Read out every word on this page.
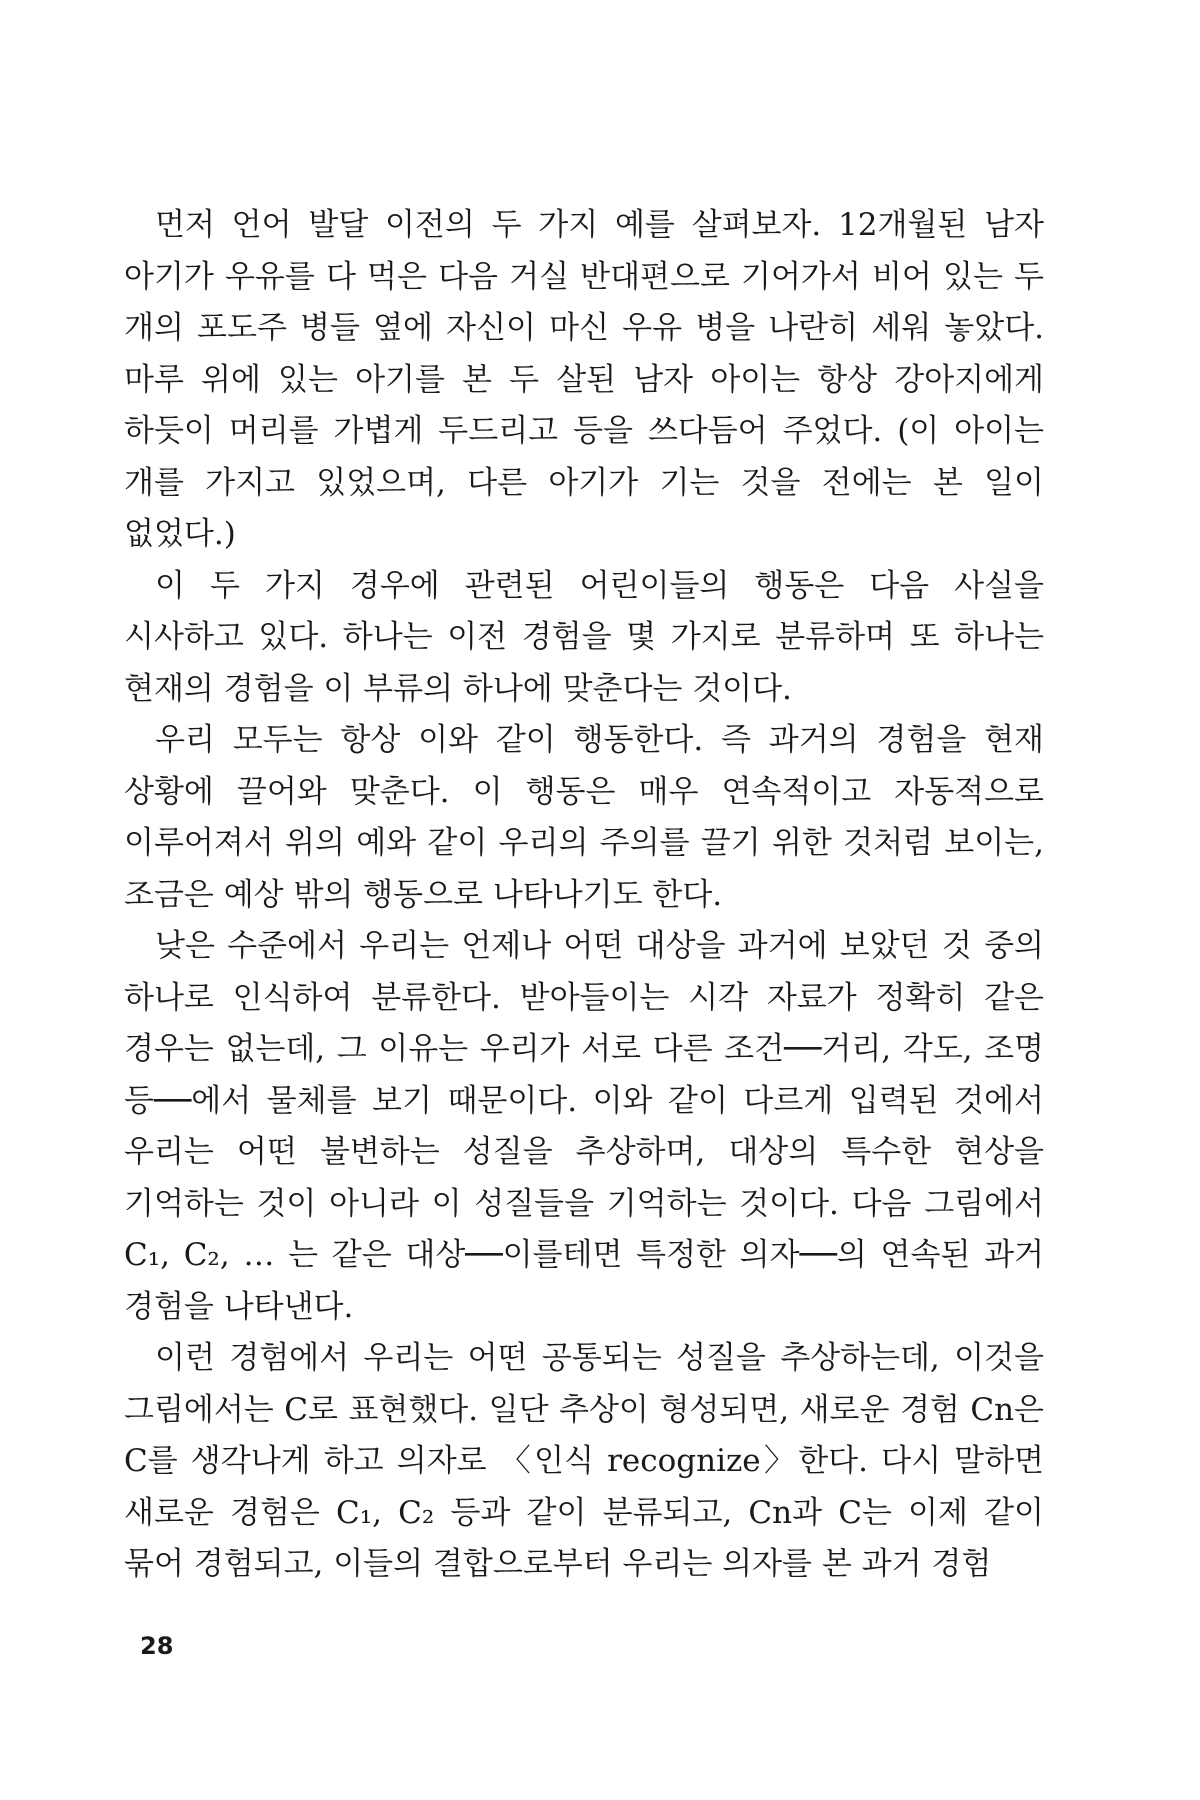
먼저 언어 발달 이전의 두 가지 예를 살펴보자. 12개월된 남자 아기가 우유를 다 먹은 다음 거실 반대편으로 기어가서 비어 있는 두 개의 포도주 병들 옆에 자신이 마신 우유 병을 나란히 세워 놓았다. 마루 위에 있는 아기를 본 두 살된 남자 아이는 항상 강아지에게 하듯이 머리를 가볍게 두드리고 등을 쓰다듬어 주었다. (이 아이는 개를 가지고 있었으며, 다른 아기가 기는 것을 전에는 본 일이 없었다.)

이 두 가지 경우에 관련된 어린이들의 행동은 다음 사실을 시사하고 있다. 하나는 이전 경험을 몇 가지로 분류하며 또 하나는 현재의 경험을 이 부류의 하나에 맞춘다는 것이다.

우리 모두는 항상 이와 같이 행동한다. 즉 과거의 경험을 현재 상황에 끌어와 맞춘다. 이 행동은 매우 연속적이고 자동적으로 이루어져서 위의 예와 같이 우리의 주의를 끌기 위한 것처럼 보이는, 조금은 예상 밖의 행동으로 나타나기도 한다.

낮은 수준에서 우리는 언제나 어떤 대상을 과거에 보았던 것 중의 하나로 인식하여 분류한다. 받아들이는 시각 자료가 정확히 같은 경우는 없는데, 그 이유는 우리가 서로 다른 조건──거리, 각도, 조명 등──에서 물체를 보기 때문이다. 이와 같이 다르게 입력된 것에서 우리는 어떤 불변하는 성질을 추상하며, 대상의 특수한 현상을 기억하는 것이 아니라 이 성질들을 기억하는 것이다. 다음 그림에서 C₁, C₂, … 는 같은 대상──이를테면 특정한 의자──의 연속된 과거 경험을 나타낸다.

이런 경험에서 우리는 어떤 공통되는 성질을 추상하는데, 이것을 그림에서는 C로 표현했다. 일단 추상이 형성되면, 새로운 경험 Cn은 C를 생각나게 하고 의자로 〈인식 recognize〉한다. 다시 말하면 새로운 경험은 C₁, C₂ 등과 같이 분류되고, Cn과 C는 이제 같이 묶어 경험되고, 이들의 결합으로부터 우리는 의자를 본 과거 경험

28
